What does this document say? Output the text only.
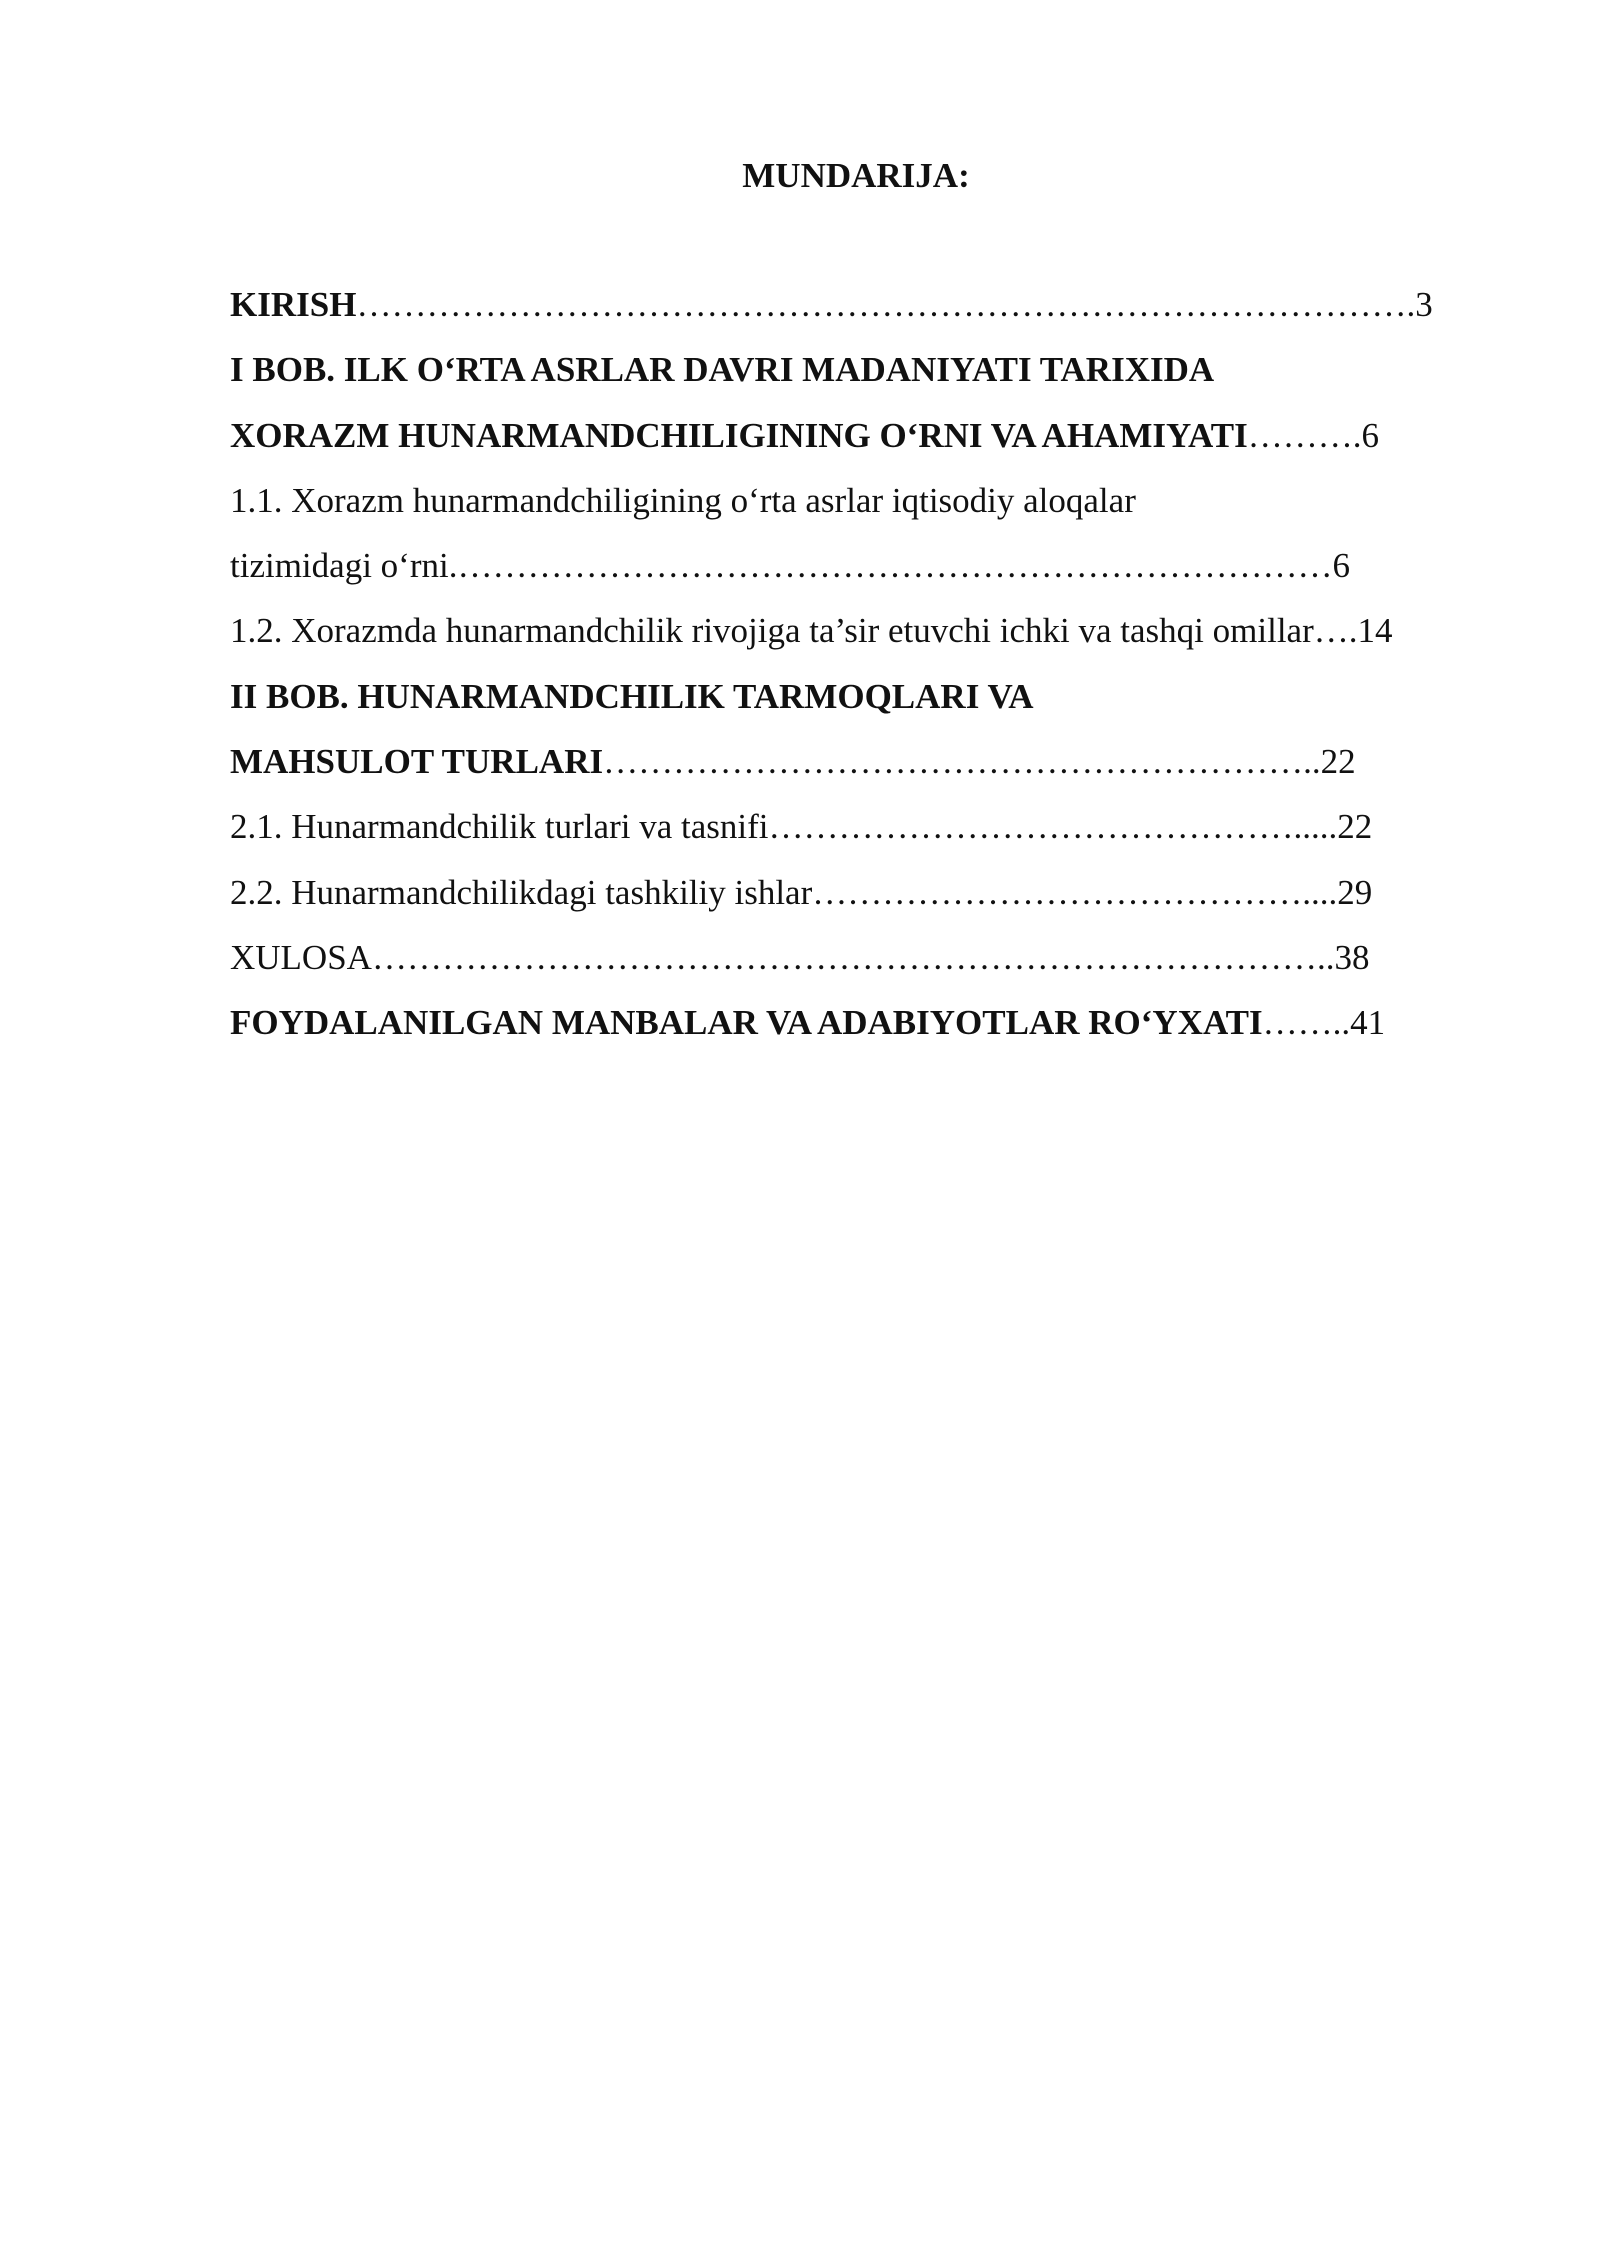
MUNDARIJA:
KIRISH……………………………………………………………………………….3
I BOB. ILK O‘RTA ASRLAR DAVRI MADANIYATI TARIXIDA
XORAZM HUNARMANDCHILIGINING O‘RNI VA AHAMIYATI……….6
1.1. Xorazm hunarmandchiligining o‘rta asrlar iqtisodiy aloqalar
tizimidagi o‘rni.…………………………………………………………………6
1.2. Xorazmda hunarmandchilik rivojiga ta’sir etuvchi ichki va tashqi omillar….14
II BOB. HUNARMANDCHILIK TARMOQLARI VA
MAHSULOT TURLARI……………………………………………………..22
2.1. Hunarmandchilik turlari va tasnifi……………………………………….....22
2.2. Hunarmandchilikdagi tashkiliy ishlar……………………………………....29
XULOSA………………………………………………………………………..38
FOYDALANILGAN MANBALAR VA ADABIYOTLAR RO‘YXATI……..41
